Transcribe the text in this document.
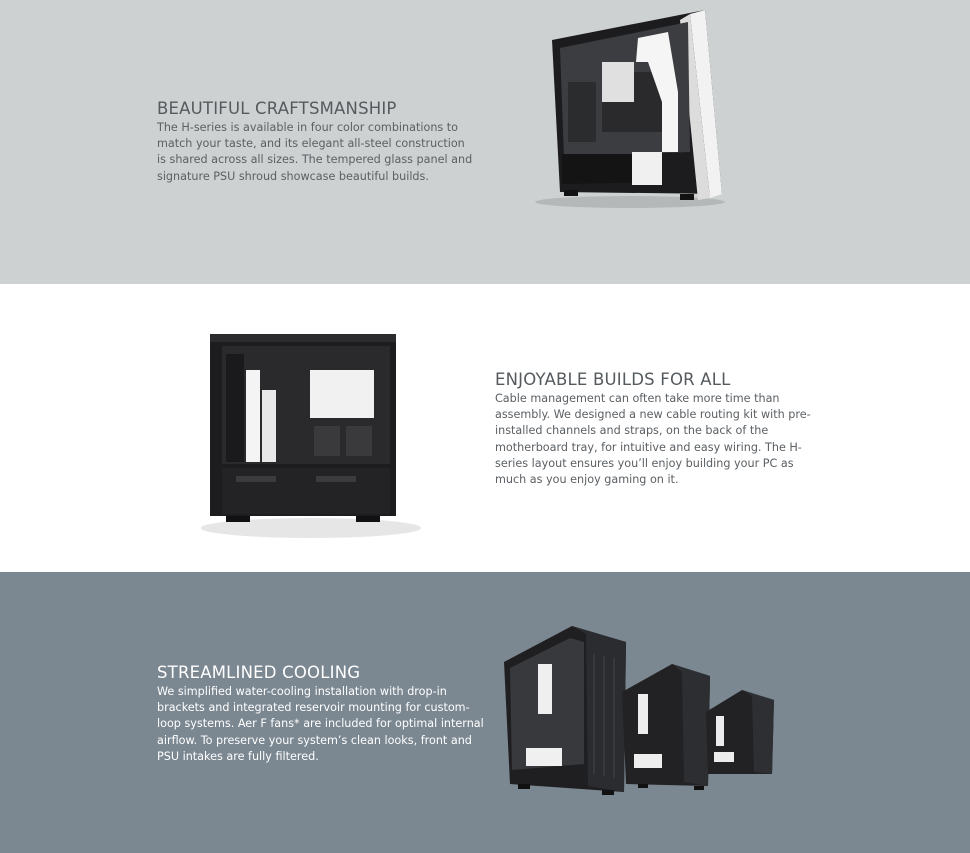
BEAUTIFUL CRAFTSMANSHIP

The H-series is available in four color combinations to match your taste, and its elegant all-steel construction is shared across all sizes. The tempered glass panel and signature PSU shroud showcase beautiful builds.

ENJOYABLE BUILDS FOR ALL

Cable management can often take more time than assembly. We designed a new cable routing kit with pre-installed channels and straps, on the back of the motherboard tray, for intuitive and easy wiring. The H-series layout ensures you’ll enjoy building your PC as much as you enjoy gaming on it.

STREAMLINED COOLING

We simplified water-cooling installation with drop-in brackets and integrated reservoir mounting for custom-loop systems. Aer F fans* are included for optimal internal airflow. To preserve your system’s clean looks, front and PSU intakes are fully filtered.
